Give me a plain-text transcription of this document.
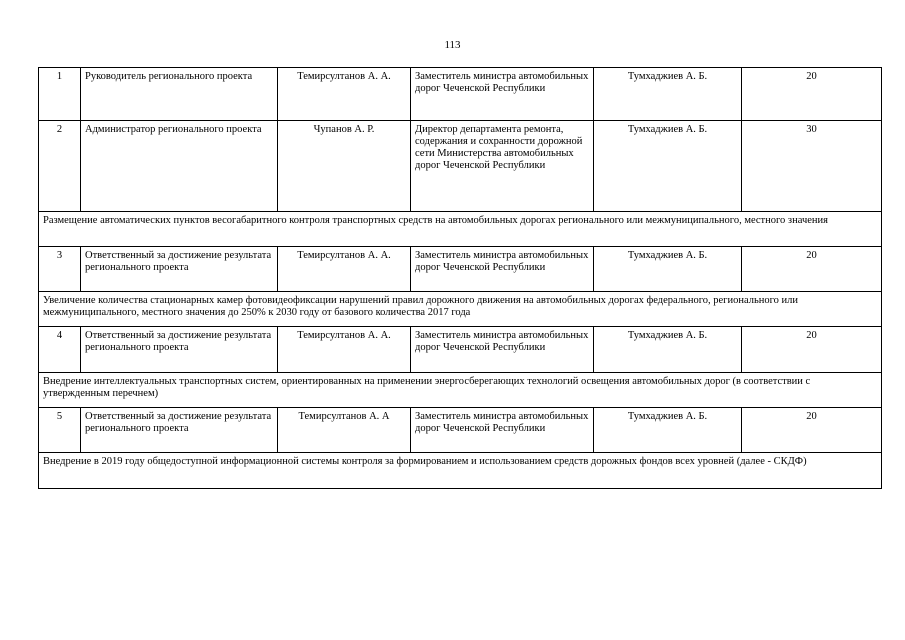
113
1	Руководитель регионального проекта	Темирсултанов А. А.	Заместитель министра автомобильных дорог Чеченской Республики	Тумхаджиев А. Б.	20
2	Администратор регионального проекта	Чупанов А. Р.	Директор департамента ремонта, содержания и сохранности дорожной сети Министерства автомобильных дорог Чеченской Республики	Тумхаджиев А. Б.	30
Размещение автоматических пунктов весогабаритного контроля транспортных средств на автомобильных дорогах регионального или межмуниципального, местного значения					
3	Ответственный за достижение результата регионального проекта	Темирсултанов А. А.	Заместитель министра автомобильных дорог Чеченской Республики	Тумхаджиев А. Б.	20
Увеличение количества стационарных камер фотовидеофиксации нарушений правил дорожного движения на автомобильных дорогах федерального, регионального или межмуниципального, местного значения до 250% к 2030 году от базового количества 2017 года					
4	Ответственный за достижение результата регионального проекта	Темирсултанов А. А.	Заместитель министра автомобильных дорог Чеченской Республики	Тумхаджиев А. Б.	20
Внедрение интеллектуальных транспортных систем, ориентированных на применении энергосберегающих технологий освещения автомобильных дорог (в соответствии с утвержденным перечнем)					
5	Ответственный за достижение результата регионального проекта	Темирсултанов А. А	Заместитель министра автомобильных дорог Чеченской Республики	Тумхаджиев А. Б.	20
Внедрение в 2019 году общедоступной информационной системы контроля за формированием и использованием средств дорожных фондов всех уровней (далее - СКДФ)					
